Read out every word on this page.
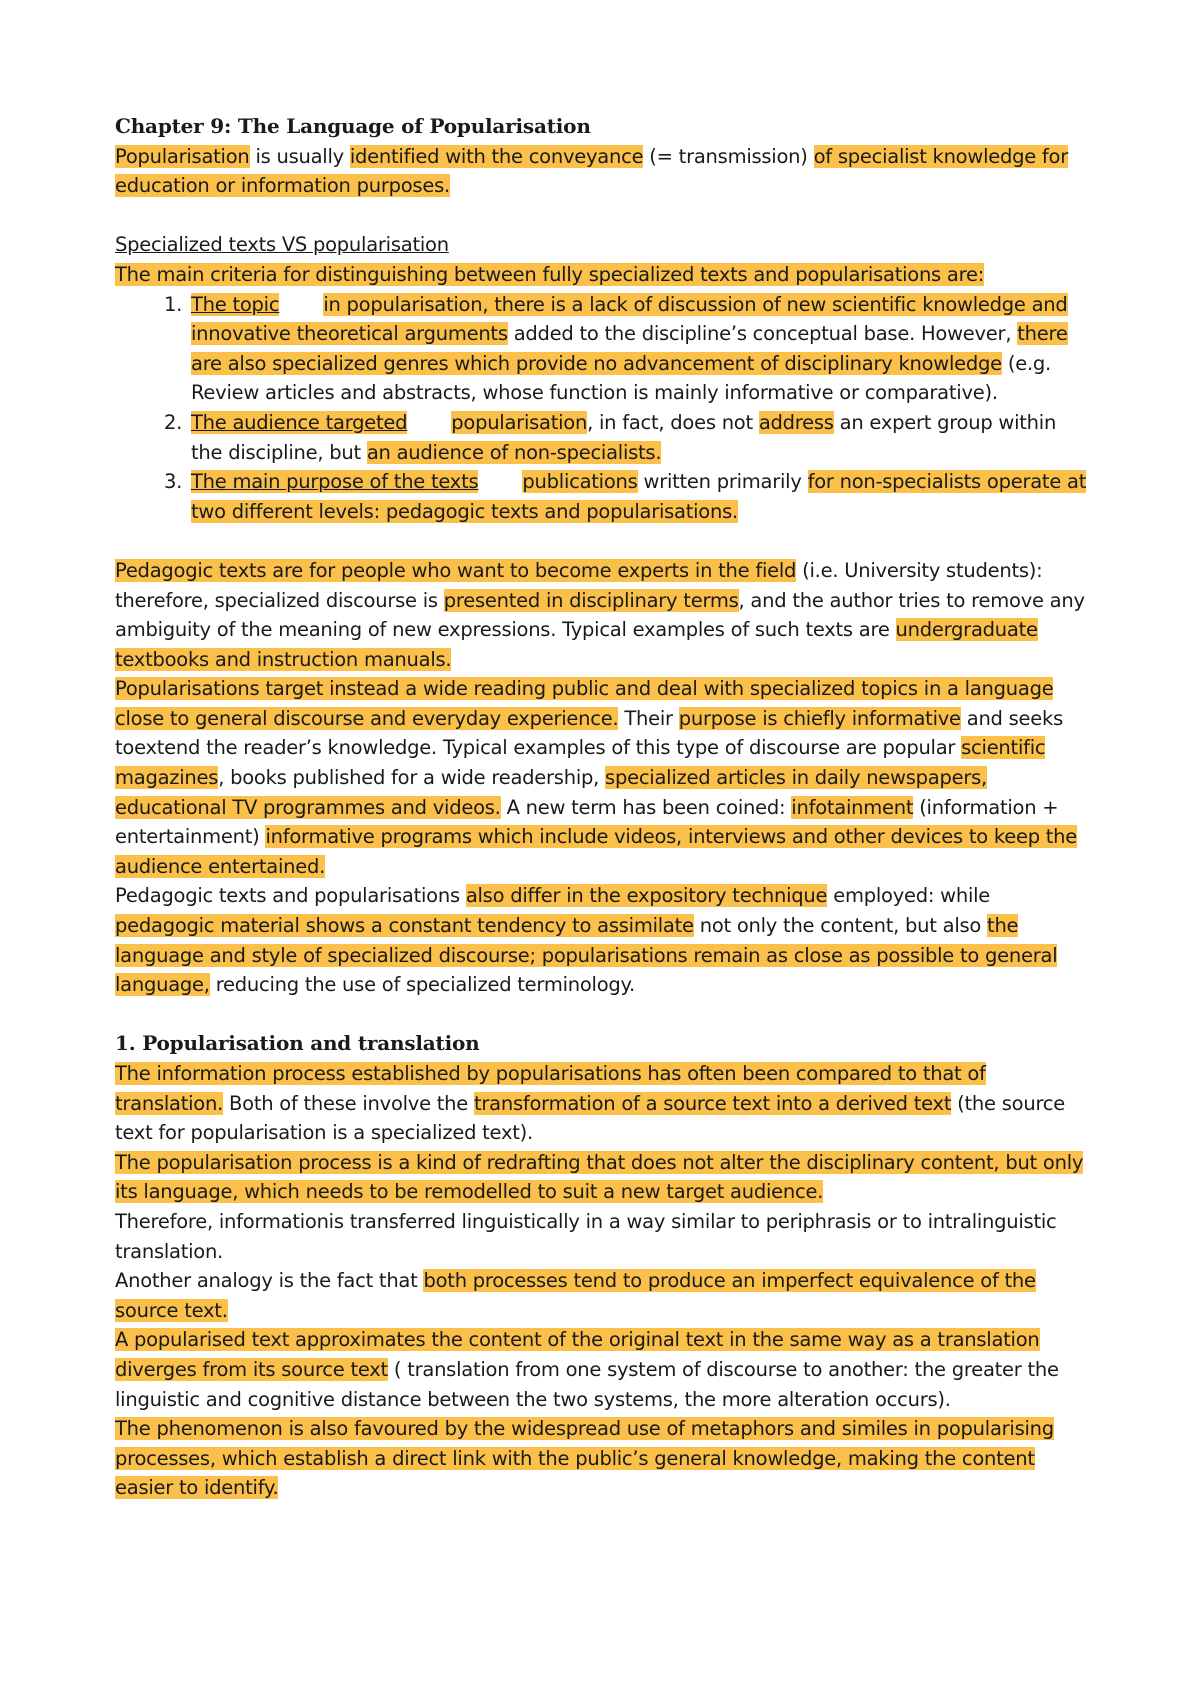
Chapter 9: The Language of Popularisation

Popularisation is usually identified with the conveyance (= transmission) of specialist knowledge for education or information purposes.

Specialized texts VS popularisation

The main criteria for distinguishing between fully specialized texts and popularisations are:

1. The topic in popularisation, there is a lack of discussion of new scientific knowledge and innovative theoretical arguments added to the discipline’s conceptual base. However, there are also specialized genres which provide no advancement of disciplinary knowledge (e.g. Review articles and abstracts, whose function is mainly informative or comparative).
2. The audience targeted popularisation, in fact, does not address an expert group within the discipline, but an audience of non-specialists.
3. The main purpose of the texts publications written primarily for non-specialists operate at two different levels: pedagogic texts and popularisations.

Pedagogic texts are for people who want to become experts in the field (i.e. University students): therefore, specialized discourse is presented in disciplinary terms, and the author tries to remove any ambiguity of the meaning of new expressions. Typical examples of such texts are undergraduate textbooks and instruction manuals.

Popularisations target instead a wide reading public and deal with specialized topics in a language close to general discourse and everyday experience. Their purpose is chiefly informative and seeks toextend the reader’s knowledge. Typical examples of this type of discourse are popular scientific magazines, books published for a wide readership, specialized articles in daily newspapers, educational TV programmes and videos. A new term has been coined: infotainment (information + entertainment) informative programs which include videos, interviews and other devices to keep the audience entertained.

Pedagogic texts and popularisations also differ in the expository technique employed: while pedagogic material shows a constant tendency to assimilate not only the content, but also the language and style of specialized discourse; popularisations remain as close as possible to general language, reducing the use of specialized terminology.

1. Popularisation and translation

The information process established by popularisations has often been compared to that of translation. Both of these involve the transformation of a source text into a derived text (the source text for popularisation is a specialized text).

The popularisation process is a kind of redrafting that does not alter the disciplinary content, but only its language, which needs to be remodelled to suit a new target audience.

Therefore, informationis transferred linguistically in a way similar to periphrasis or to intralinguistic translation.

Another analogy is the fact that both processes tend to produce an imperfect equivalence of the source text.

A popularised text approximates the content of the original text in the same way as a translation diverges from its source text ( translation from one system of discourse to another: the greater the linguistic and cognitive distance between the two systems, the more alteration occurs).

The phenomenon is also favoured by the widespread use of metaphors and similes in popularising processes, which establish a direct link with the public’s general knowledge, making the content easier to identify.
